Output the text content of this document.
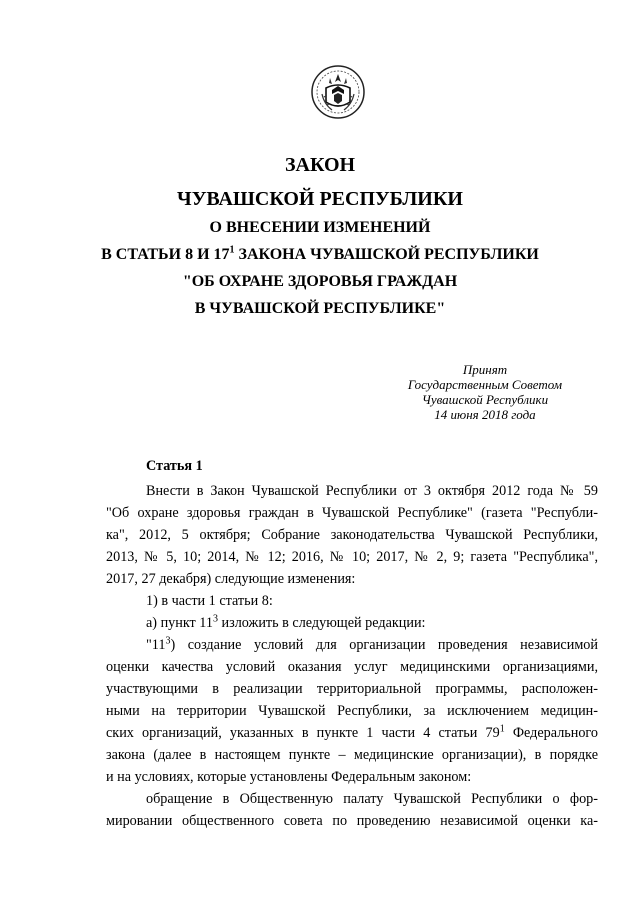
ЗАКОН
ЧУВАШСКОЙ РЕСПУБЛИКИ
О ВНЕСЕНИИ ИЗМЕНЕНИЙ
В СТАТЬИ 8 И $17^1$ ЗАКОНА ЧУВАШСКОЙ РЕСПУБЛИКИ
"ОБ ОХРАНЕ ЗДОРОВЬЯ ГРАЖДАН
В ЧУВАШСКОЙ РЕСПУБЛИКЕ"
Принят
Государственным Советом
Чувашской Республики
14 июня 2018 года
Статья 1
Внести в Закон Чувашской Республики от 3 октября 2012 года № 59
"Об охране здоровья граждан в Чувашской Республике" (газета "Республи-
ка", 2012, 5 октября; Собрание законодательства Чувашской Республики,
2013, № 5, 10; 2014, № 12; 2016, № 10; 2017, № 2, 9; газета "Республика",
2017, 27 декабря) следующие изменения:
1) в части 1 статьи 8:
а) пункт $11^3$ изложить в следующей редакции:
"$11^3$) создание условий для организации проведения независимой
оценки качества условий оказания услуг медицинскими организациями,
участвующими в реализации территориальной программы, расположен-
ными на территории Чувашской Республики, за исключением медицин-
ских организаций, указанных в пункте 1 части 4 статьи $79^1$ Федерального
закона (далее в настоящем пункте – медицинские организации), в порядке
и на условиях, которые установлены Федеральным законом:
обращение в Общественную палату Чувашской Республики о фор-
мировании общественного совета по проведению независимой оценки ка-
